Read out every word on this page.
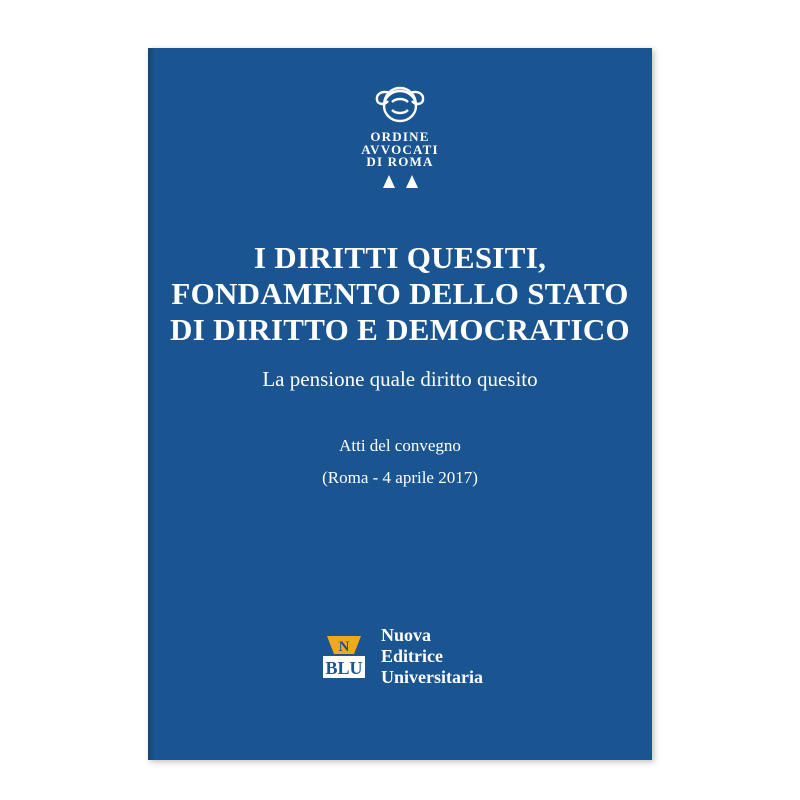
ORDINE
AVVOCATI
DI ROMA
I DIRITTI QUESITI,
FONDAMENTO DELLO STATO
DI DIRITTO E DEMOCRATICO
La pensione quale diritto quesito
Atti del convegno
(Roma - 4 aprile 2017)
N
BLU
Nuova
Editrice
Universitaria
